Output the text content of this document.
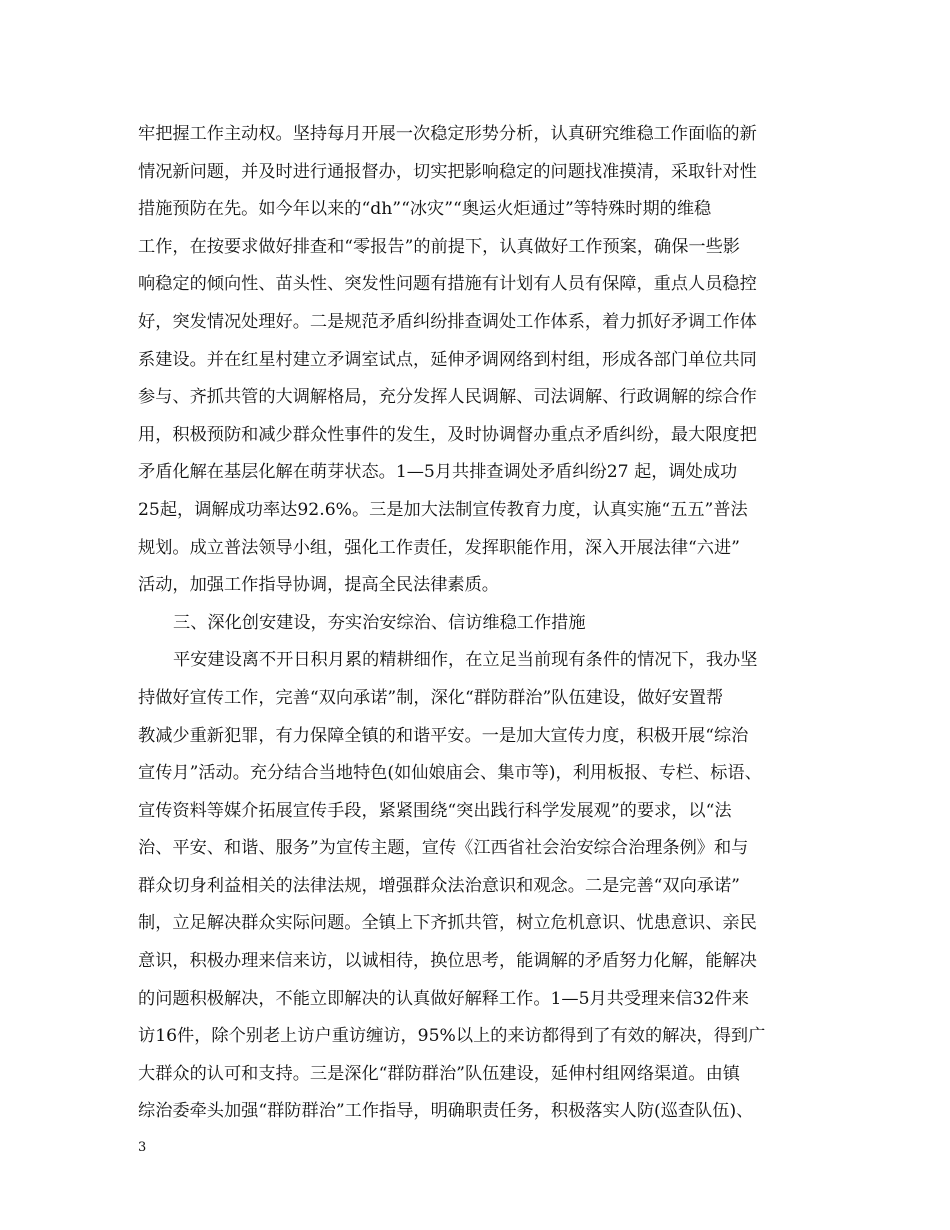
牢把握工作主动权。坚持每月开展一次稳定形势分析，认真研究维稳工作面临的新
情况新问题，并及时进行通报督办，切实把影响稳定的问题找准摸清，采取针对性
措施预防在先。如今年以来的“dh”“冰灾”“奥运火炬通过”等特殊时期的维稳
工作，在按要求做好排查和“零报告”的前提下，认真做好工作预案，确保一些影
响稳定的倾向性、苗头性、突发性问题有措施有计划有人员有保障，重点人员稳控
好，突发情况处理好。二是规范矛盾纠纷排查调处工作体系，着力抓好矛调工作体
系建设。并在红星村建立矛调室试点，延伸矛调网络到村组，形成各部门单位共同
参与、齐抓共管的大调解格局，充分发挥人民调解、司法调解、行政调解的综合作
用，积极预防和减少群众性事件的发生，及时协调督办重点矛盾纠纷，最大限度把
矛盾化解在基层化解在萌芽状态。1—5月共排查调处矛盾纠纷27 起，调处成功
25起，调解成功率达92.6%。三是加大法制宣传教育力度，认真实施“五五”普法
规划。成立普法领导小组，强化工作责任，发挥职能作用，深入开展法律“六进”
活动，加强工作指导协调，提高全民法律素质。
三、深化创安建设，夯实治安综治、信访维稳工作措施
平安建设离不开日积月累的精耕细作，在立足当前现有条件的情况下，我办坚
持做好宣传工作，完善“双向承诺”制，深化“群防群治”队伍建设，做好安置帮
教减少重新犯罪，有力保障全镇的和谐平安。一是加大宣传力度，积极开展“综治
宣传月”活动。充分结合当地特色(如仙娘庙会、集市等)，利用板报、专栏、标语、
宣传资料等媒介拓展宣传手段，紧紧围绕“突出践行科学发展观”的要求，以“法
治、平安、和谐、服务”为宣传主题，宣传《江西省社会治安综合治理条例》和与
群众切身利益相关的法律法规，增强群众法治意识和观念。二是完善“双向承诺”
制，立足解决群众实际问题。全镇上下齐抓共管，树立危机意识、忧患意识、亲民
意识，积极办理来信来访，以诚相待，换位思考，能调解的矛盾努力化解，能解决
的问题积极解决，不能立即解决的认真做好解释工作。1—5月共受理来信32件来
访16件，除个别老上访户重访缠访，95%以上的来访都得到了有效的解决，得到广
大群众的认可和支持。三是深化“群防群治”队伍建设，延伸村组网络渠道。由镇
综治委牵头加强“群防群治”工作指导，明确职责任务，积极落实人防(巡查队伍)、
3
